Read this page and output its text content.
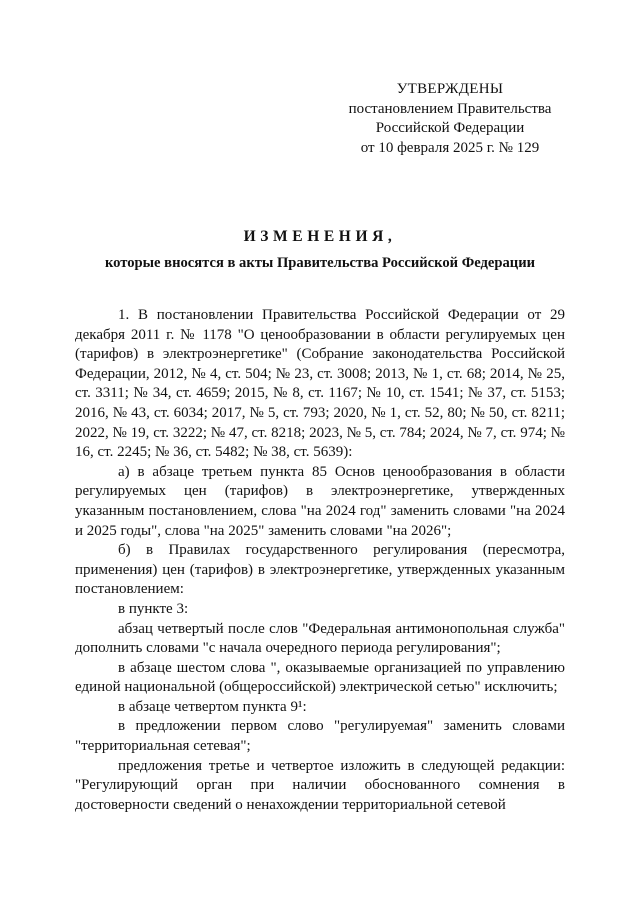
УТВЕРЖДЕНЫ
постановлением Правительства
Российской Федерации
от 10 февраля 2025 г. № 129
ИЗМЕНЕНИЯ,
которые вносятся в акты Правительства Российской Федерации

1. В постановлении Правительства Российской Федерации от 29 декабря 2011 г. № 1178 "О ценообразовании в области регулируемых цен (тарифов) в электроэнергетике" (Собрание законодательства Российской Федерации, 2012, № 4, ст. 504; № 23, ст. 3008; 2013, № 1, ст. 68; 2014, № 25, ст. 3311; № 34, ст. 4659; 2015, № 8, ст. 1167; № 10, ст. 1541; № 37, ст. 5153; 2016, № 43, ст. 6034; 2017, № 5, ст. 793; 2020, № 1, ст. 52, 80; № 50, ст. 8211; 2022, № 19, ст. 3222; № 47, ст. 8218; 2023, № 5, ст. 784; 2024, № 7, ст. 974; № 16, ст. 2245; № 36, ст. 5482; № 38, ст. 5639):

а) в абзаце третьем пункта 85 Основ ценообразования в области регулируемых цен (тарифов) в электроэнергетике, утвержденных указанным постановлением, слова "на 2024 год" заменить словами "на 2024 и 2025 годы", слова "на 2025" заменить словами "на 2026";

б) в Правилах государственного регулирования (пересмотра, применения) цен (тарифов) в электроэнергетике, утвержденных указанным постановлением:

в пункте 3:

абзац четвертый после слов "Федеральная антимонопольная служба" дополнить словами "с начала очередного периода регулирования";

в абзаце шестом слова ", оказываемые организацией по управлению единой национальной (общероссийской) электрической сетью" исключить;

в абзаце четвертом пункта 9¹:

в предложении первом слово "регулируемая" заменить словами "территориальная сетевая";

предложения третье и четвертое изложить в следующей редакции: "Регулирующий орган при наличии обоснованного сомнения в достоверности сведений о ненахождении территориальной сетевой
